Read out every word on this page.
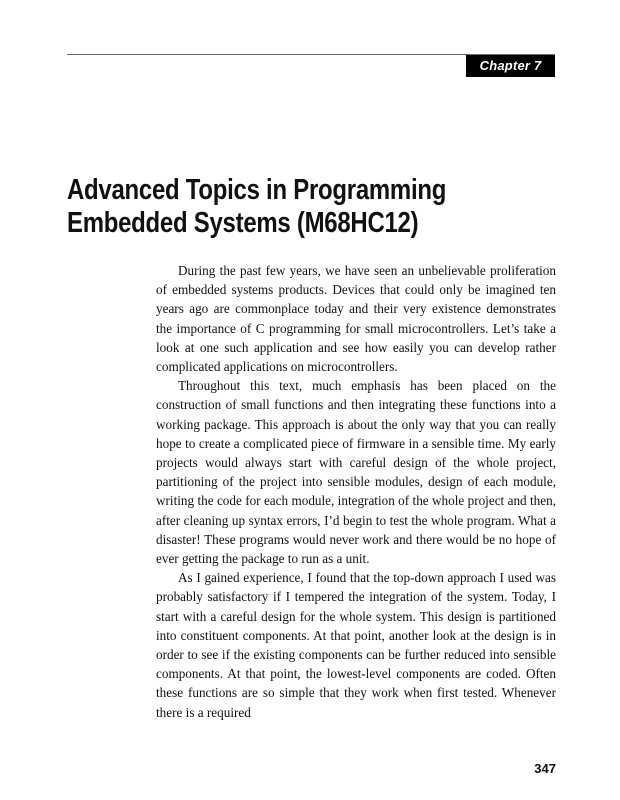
Chapter 7
Advanced Topics in Programming
Embedded Systems (M68HC12)

During the past few years, we have seen an unbelievable proliferation of embedded systems products. Devices that could only be imagined ten years ago are commonplace today and their very existence demonstrates the importance of C programming for small microcontrollers. Let’s take a look at one such application and see how easily you can develop rather complicated applications on microcontrollers.

Throughout this text, much emphasis has been placed on the construction of small functions and then integrating these functions into a working package. This approach is about the only way that you can really hope to create a complicated piece of firmware in a sensible time. My early projects would always start with careful design of the whole project, partitioning of the project into sensible modules, design of each module, writing the code for each module, integration of the whole project and then, after cleaning up syntax errors, I’d begin to test the whole program. What a disaster! These programs would never work and there would be no hope of ever getting the package to run as a unit.

As I gained experience, I found that the top-down approach I used was probably satisfactory if I tempered the integration of the system. Today, I start with a careful design for the whole system. This design is partitioned into constituent components. At that point, another look at the design is in order to see if the existing components can be further reduced into sensible components. At that point, the lowest-level components are coded. Often these functions are so simple that they work when first tested. Whenever there is a required

347
